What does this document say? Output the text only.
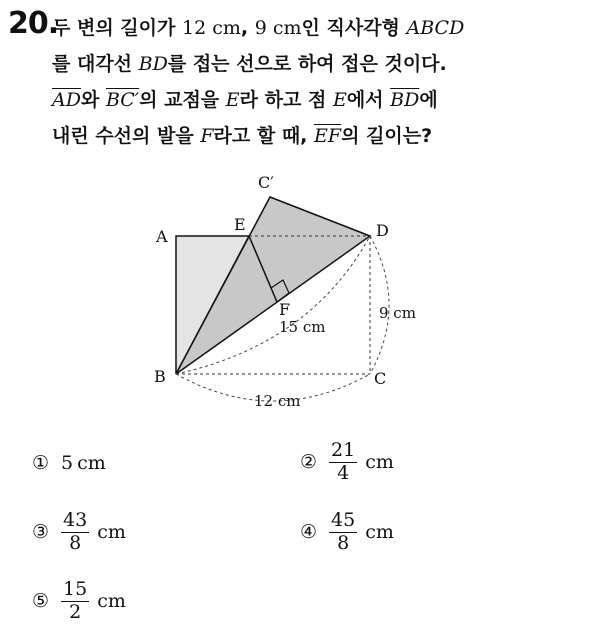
20.
두 변의 길이가 12 cm, 9 cm인 직사각형 ABCD
를 대각선 BD를 접는 선으로 하여 접은 것이다.
$\overline{AD}$와 BC′의 교점을 E라 하고 점 E에서 $\overline{BD}$에
내린 수선의 발을 F라고 할 때, $\overline{EF}$의 길이는?
C′
A
E	D
F
B	C
15 cm
9 cm
12 cm
① 5 cm	② $\frac{21}{4}$ cm
③ $\frac{43}{8}$ cm	④ $\frac{45}{8}$ cm
⑤ $\frac{15}{2}$ cm
